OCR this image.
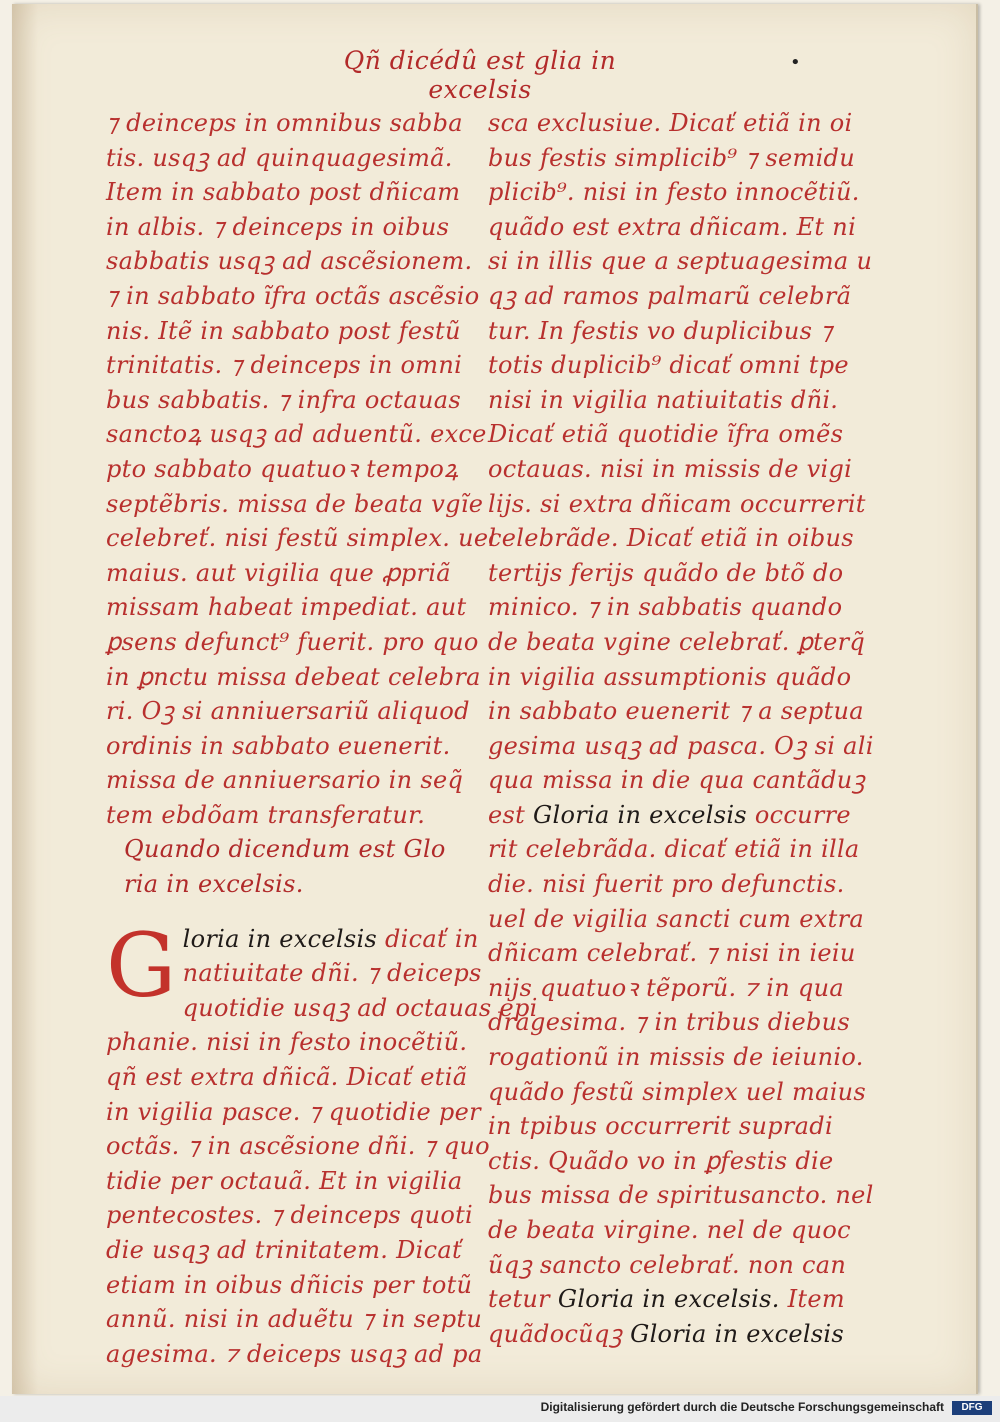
Qñ dicédû est glia in excelsis
•
⁊ deinceps in omnibus sabba
tis. usqꝫ ad quinquagesimã.
Item in sabbato post dñicam
in albis. ⁊ deinceps in oibus
sabbatis usqꝫ ad ascẽsionem.
⁊ in sabbato ĩfra octãs ascẽsio
nis. Itẽ in sabbato post festũ
trinitatis. ⁊ deinceps in omni
bus sabbatis. ⁊ infra octauas
sanctoꝝ usqꝫ ad aduentũ. exce
pto sabbato quatuoꝛ tempoꝝ
septẽbris. missa de beata vgĩe
celebreť. nisi festũ simplex. uel
maius. aut vigilia que ꝓpriã
missam habeat impediat. aut
ꝑsens defunct⁹ fuerit. pro quo
in ꝑnctu missa debeat celebra
ri. Oꝫ si anniuersariũ aliquod
ordinis in sabbato euenerit.
missa de anniuersario in seq̃
tem ebdõam transferatur.
Quando dicendum est Glo
ria in excelsis.
G loria in excelsis dicať in
natiuitate dñi. ⁊ deiceps
quotidie usqꝫ ad octauas epi
phanie. nisi in festo inocẽtiũ.
qñ est extra dñicã. Dicať etiã
in vigilia pasce. ⁊ quotidie per
octãs. ⁊ in ascẽsione dñi. ⁊ quo
tidie per octauã. Et in vigilia
pentecostes. ⁊ deinceps quoti
die usqꝫ ad trinitatem. Dicať
etiam in oibus dñicis per totũ
annũ. nisi in aduẽtu ⁊ in septu
agesima. ⁊ deiceps usqꝫ ad pa
sca exclusiue. Dicať etiã in oi
bus festis simplicib⁹ ⁊ semidu
plicib⁹. nisi in festo innocẽtiũ.
quãdo est extra dñicam. Et ni
si in illis que a septuagesima u
qꝫ ad ramos palmarũ celebrã
tur. In festis vo duplicibus ⁊
totis duplicib⁹ dicať omni tpe
nisi in vigilia natiuitatis dñi.
Dicať etiã quotidie ĩfra omẽs
octauas. nisi in missis de vigi
lijs. si extra dñicam occurrerit
celebrãde. Dicať etiã in oibus
tertijs ferijs quãdo de btõ do
minico. ⁊ in sabbatis quando
de beata vgine celebrať. ꝑterq̃
in vigilia assumptionis quãdo
in sabbato euenerit ⁊ a septua
gesima usqꝫ ad pasca. Oꝫ si ali
qua missa in die qua cantãduꝫ
est Gloria in excelsis occurre
rit celebrãda. dicať etiã in illa
die. nisi fuerit pro defunctis.
uel de vigilia sancti cum extra
dñicam celebrať. ⁊ nisi in ieiu
nijs quatuoꝛ tẽporũ. ⁊ in qua
dragesima. ⁊ in tribus diebus
rogationũ in missis de ieiunio.
quãdo festũ simplex uel maius
in tpibus occurrerit supradi
ctis. Quãdo vo in ꝑfestis die
bus missa de spiritusancto. nel
de beata virgine. nel de quoc
ũqꝫ sancto celebrať. non can
tetur Gloria in excelsis. Item
quãdocũqꝫ Gloria in excelsis
Digitalisierung gefördert durch die Deutsche Forschungsgemeinschaft	DFG
